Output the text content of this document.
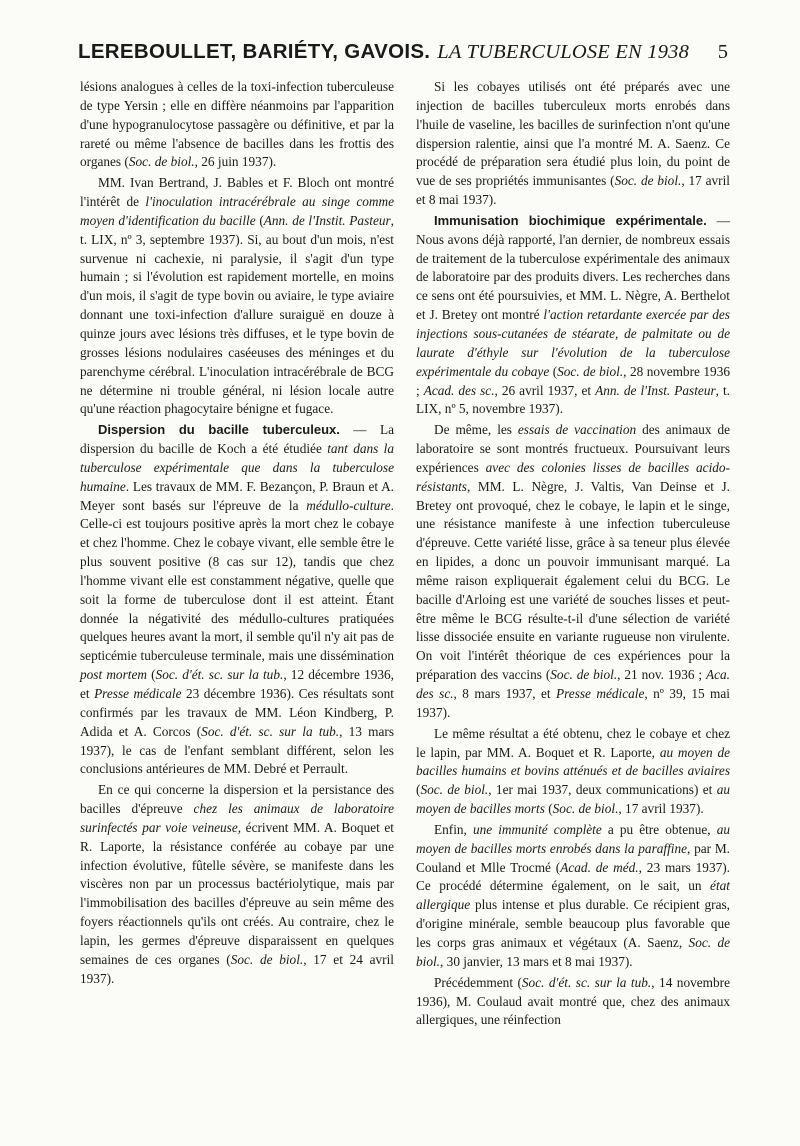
LEREBOULLET, BARIÉTY, GAVOIS. LA TUBERCULOSE EN 1938 5

lésions analogues à celles de la toxi-infection tuberculeuse de type Yersin ; elle en diffère néanmoins par l'apparition d'une hypogranulocytose passagère ou définitive, et par la rareté ou même l'absence de bacilles dans les frottis des organes (Soc. de biol., 26 juin 1937).

MM. Ivan Bertrand, J. Bables et F. Bloch ont montré l'intérêt de l'inoculation intracérébrale au singe comme moyen d'identification du bacille (Ann. de l'Instit. Pasteur, t. LIX, nº 3, septembre 1937). Si, au bout d'un mois, n'est survenue ni cachexie, ni paralysie, il s'agit d'un type humain ; si l'évolution est rapidement mortelle, en moins d'un mois, il s'agit de type bovin ou aviaire, le type aviaire donnant une toxi-infection d'allure suraiguë en douze à quinze jours avec lésions très diffuses, et le type bovin de grosses lésions nodulaires caséeuses des méninges et du parenchyme cérébral. L'inoculation intracérébrale de BCG ne détermine ni trouble général, ni lésion locale autre qu'une réaction phagocytaire bénigne et fugace.

Dispersion du bacille tuberculeux. — La dispersion du bacille de Koch a été étudiée tant dans la tuberculose expérimentale que dans la tuberculose humaine. Les travaux de MM. F. Bezançon, P. Braun et A. Meyer sont basés sur l'épreuve de la médullo-culture. Celle-ci est toujours positive après la mort chez le cobaye et chez l'homme. Chez le cobaye vivant, elle semble être le plus souvent positive (8 cas sur 12), tandis que chez l'homme vivant elle est constamment négative, quelle que soit la forme de tuberculose dont il est atteint. Étant donnée la négativité des médullo-cultures pratiquées quelques heures avant la mort, il semble qu'il n'y ait pas de septicémie tuberculeuse terminale, mais une dissémination post mortem (Soc. d'ét. sc. sur la tub., 12 décembre 1936, et Presse médicale 23 décembre 1936). Ces résultats sont confirmés par les travaux de MM. Léon Kindberg, P. Adida et A. Corcos (Soc. d'ét. sc. sur la tub., 13 mars 1937), le cas de l'enfant semblant différent, selon les conclusions antérieures de MM. Debré et Perrault.

En ce qui concerne la dispersion et la persistance des bacilles d'épreuve chez les animaux de laboratoire surinfectés par voie veineuse, écrivent MM. A. Boquet et R. Laporte, la résistance conférée au cobaye par une infection évolutive, fûtelle sévère, se manifeste dans les viscères non par un processus bactériolytique, mais par l'immobilisation des bacilles d'épreuve au sein même des foyers réactionnels qu'ils ont créés. Au contraire, chez le lapin, les germes d'épreuve disparaissent en quelques semaines de ces organes (Soc. de biol., 17 et 24 avril 1937).

Si les cobayes utilisés ont été préparés avec une injection de bacilles tuberculeux morts enrobés dans l'huile de vaseline, les bacilles de surinfection n'ont qu'une dispersion ralentie, ainsi que l'a montré M. A. Saenz. Ce procédé de préparation sera étudié plus loin, du point de vue de ses propriétés immunisantes (Soc. de biol., 17 avril et 8 mai 1937).

Immunisation biochimique expérimentale. — Nous avons déjà rapporté, l'an dernier, de nombreux essais de traitement de la tuberculose expérimentale des animaux de laboratoire par des produits divers. Les recherches dans ce sens ont été poursuivies, et MM. L. Nègre, A. Berthelot et J. Bretey ont montré l'action retardante exercée par des injections sous-cutanées de stéarate, de palmitate ou de laurate d'éthyle sur l'évolution de la tuberculose expérimentale du cobaye (Soc. de biol., 28 novembre 1936 ; Acad. des sc., 26 avril 1937, et Ann. de l'Inst. Pasteur, t. LIX, nº 5, novembre 1937).

De même, les essais de vaccination des animaux de laboratoire se sont montrés fructueux. Poursuivant leurs expériences avec des colonies lisses de bacilles acido-résistants, MM. L. Nègre, J. Valtis, Van Deinse et J. Bretey ont provoqué, chez le cobaye, le lapin et le singe, une résistance manifeste à une infection tuberculeuse d'épreuve. Cette variété lisse, grâce à sa teneur plus élevée en lipides, a donc un pouvoir immunisant marqué. La même raison expliquerait également celui du BCG. Le bacille d'Arloing est une variété de souches lisses et peut-être même le BCG résulte-t-il d'une sélection de variété lisse dissociée ensuite en variante rugueuse non virulente. On voit l'intérêt théorique de ces expériences pour la préparation des vaccins (Soc. de biol., 21 nov. 1936 ; Aca. des sc., 8 mars 1937, et Presse médicale, nº 39, 15 mai 1937).

Le même résultat a été obtenu, chez le cobaye et chez le lapin, par MM. A. Boquet et R. Laporte, au moyen de bacilles humains et bovins atténués et de bacilles aviaires (Soc. de biol., 1er mai 1937, deux communications) et au moyen de bacilles morts (Soc. de biol., 17 avril 1937).

Enfin, une immunité complète a pu être obtenue, au moyen de bacilles morts enrobés dans la paraffine, par M. Couland et Mlle Trocmé (Acad. de méd., 23 mars 1937). Ce procédé détermine également, on le sait, un état allergique plus intense et plus durable. Ce récipient gras, d'origine minérale, semble beaucoup plus favorable que les corps gras animaux et végétaux (A. Saenz, Soc. de biol., 30 janvier, 13 mars et 8 mai 1937).

Précédemment (Soc. d'ét. sc. sur la tub., 14 novembre 1936), M. Coulaud avait montré que, chez des animaux allergiques, une réinfection
